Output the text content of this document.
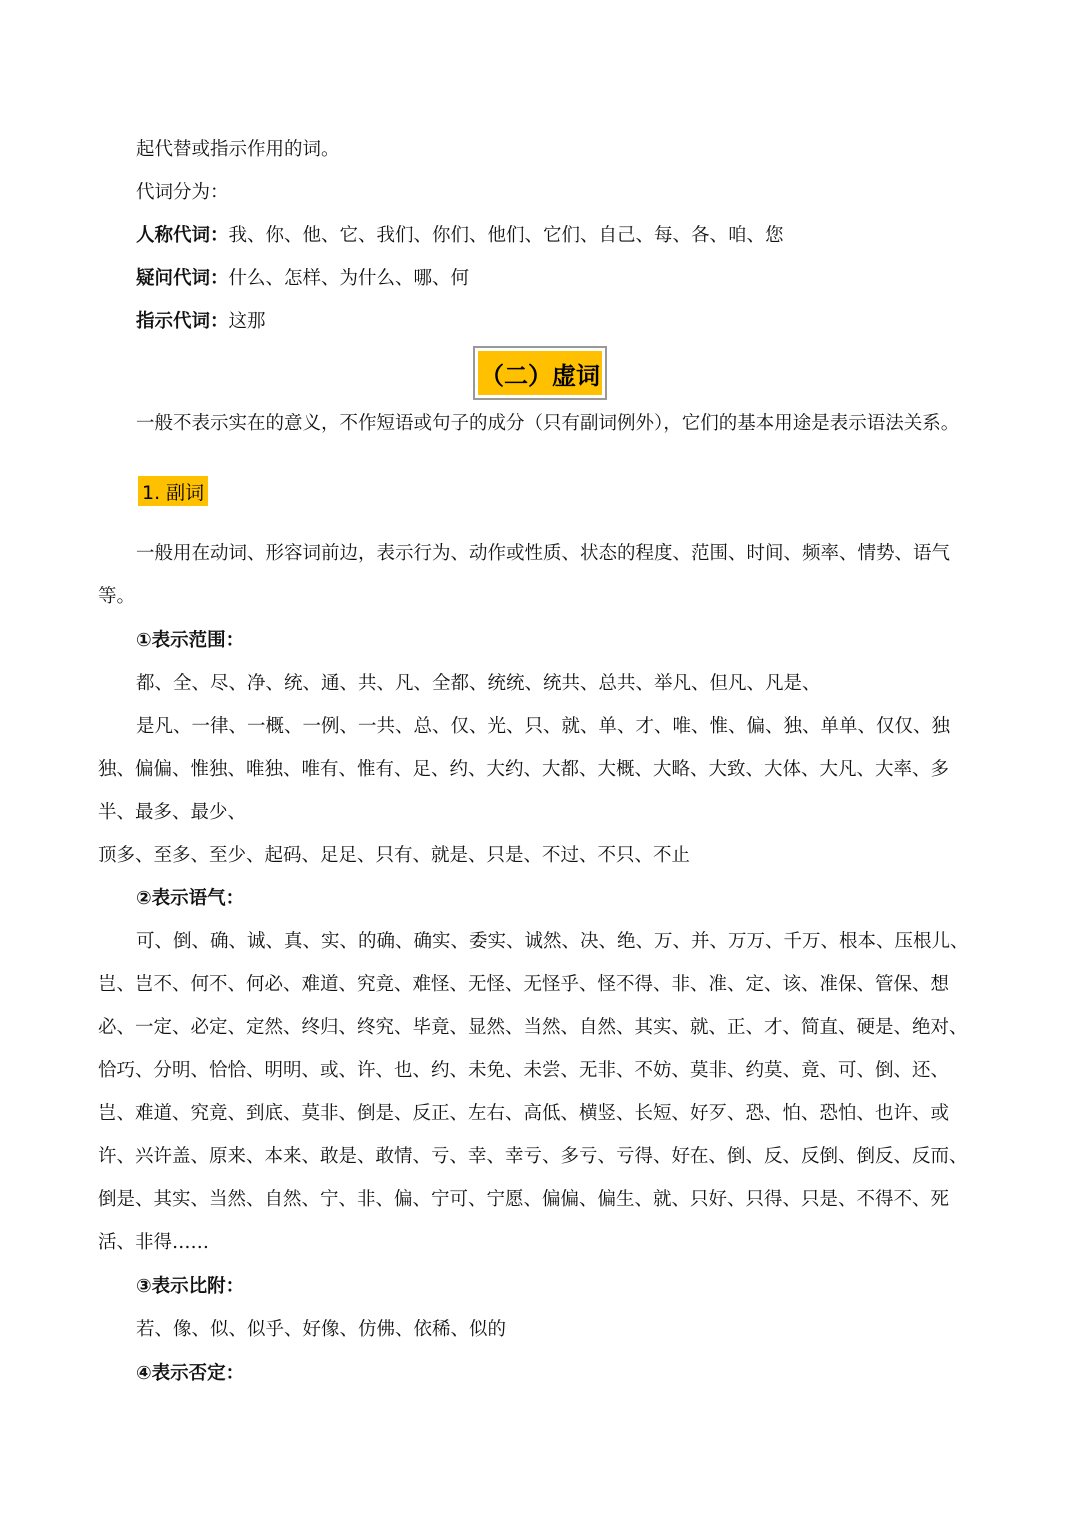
起代替或指示作用的词。
代词分为：
人称代词：我、你、他、它、我们、你们、他们、它们、自己、每、各、咱、您
疑问代词：什么、怎样、为什么、哪、何
指示代词：这那
（二）虚词
一般不表示实在的意义，不作短语或句子的成分（只有副词例外），它们的基本用途是表示语法关系。
1. 副词
一般用在动词、形容词前边，表示行为、动作或性质、状态的程度、范围、时间、频率、情势、语气
等。
①表示范围：
都、全、尽、净、统、通、共、凡、全都、统统、统共、总共、举凡、但凡、凡是、
是凡、一律、一概、一例、一共、总、仅、光、只、就、单、才、唯、惟、偏、独、单单、仅仅、独
独、偏偏、惟独、唯独、唯有、惟有、足、约、大约、大都、大概、大略、大致、大体、大凡、大率、多
半、最多、最少、
顶多、至多、至少、起码、足足、只有、就是、只是、不过、不只、不止
②表示语气：
可、倒、确、诚、真、实、的确、确实、委实、诚然、决、绝、万、并、万万、千万、根本、压根儿、
岂、岂不、何不、何必、难道、究竟、难怪、无怪、无怪乎、怪不得、非、准、定、该、准保、管保、想
必、一定、必定、定然、终归、终究、毕竟、显然、当然、自然、其实、就、正、才、简直、硬是、绝对、
恰巧、分明、恰恰、明明、或、许、也、约、未免、未尝、无非、不妨、莫非、约莫、竟、可、倒、还、
岂、难道、究竟、到底、莫非、倒是、反正、左右、高低、横竖、长短、好歹、恐、怕、恐怕、也许、或
许、兴许盖、原来、本来、敢是、敢情、亏、幸、幸亏、多亏、亏得、好在、倒、反、反倒、倒反、反而、
倒是、其实、当然、自然、宁、非、偏、宁可、宁愿、偏偏、偏生、就、只好、只得、只是、不得不、死
活、非得……
③表示比附：
若、像、似、似乎、好像、仿佛、依稀、似的
④表示否定：
